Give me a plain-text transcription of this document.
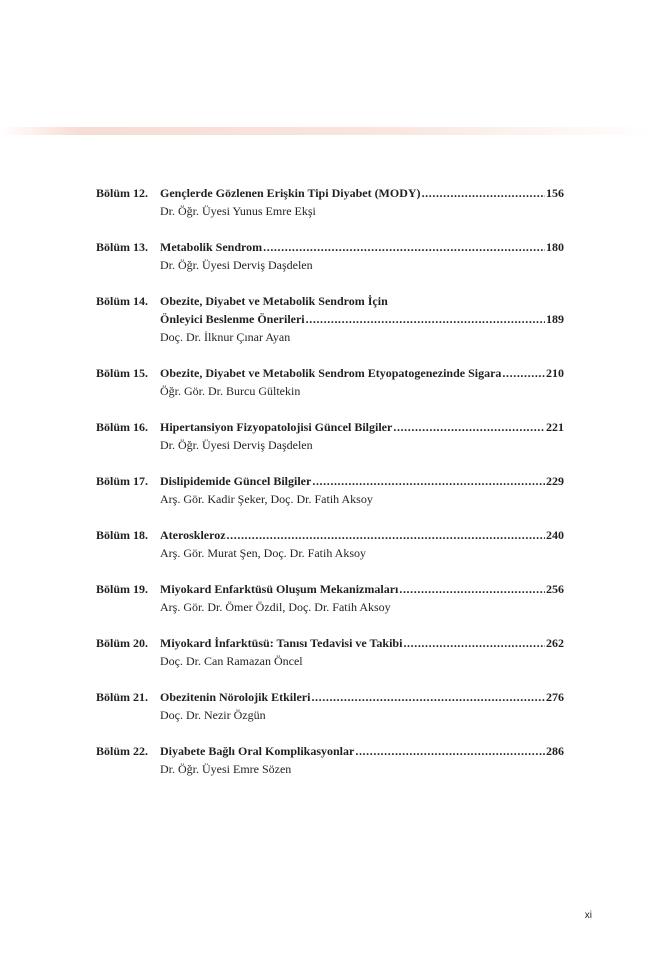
Bölüm 12. Gençlerde Gözlenen Erişkin Tipi Diyabet (MODY) .....	156
Dr. Öğr. Üyesi Yunus Emre Ekşi
Bölüm 13. Metabolik Sendrom .....	180
Dr. Öğr. Üyesi Derviş Daşdelen
Bölüm 14. Obezite, Diyabet ve Metabolik Sendrom İçin
Önleyici Beslenme Önerileri .....	189
Doç. Dr. İlknur Çınar Ayan
Bölüm 15. Obezite, Diyabet ve Metabolik Sendrom Etyopatogenezinde Sigara .....	210
Öğr. Gör. Dr. Burcu Gültekin
Bölüm 16. Hipertansiyon Fizyopatolojisi Güncel Bilgiler .....	221
Dr. Öğr. Üyesi Derviş Daşdelen
Bölüm 17. Dislipidemide Güncel Bilgiler .....	229
Arş. Gör. Kadir Şeker, Doç. Dr. Fatih Aksoy
Bölüm 18. Ateroskleroz .....	240
Arş. Gör. Murat Şen, Doç. Dr. Fatih Aksoy
Bölüm 19. Miyokard Enfarktüsü Oluşum Mekanizmaları .....	256
Arş. Gör. Dr. Ömer Özdil, Doç. Dr. Fatih Aksoy
Bölüm 20. Miyokard İnfarktüsü: Tanısı Tedavisi ve Takibi .....	262
Doç. Dr. Can Ramazan Öncel
Bölüm 21. Obezitenin Nörolojik Etkileri .....	276
Doç. Dr. Nezir Özgün
Bölüm 22. Diyabete Bağlı Oral Komplikasyonlar .....	286
Dr. Öğr. Üyesi Emre Sözen
xi
